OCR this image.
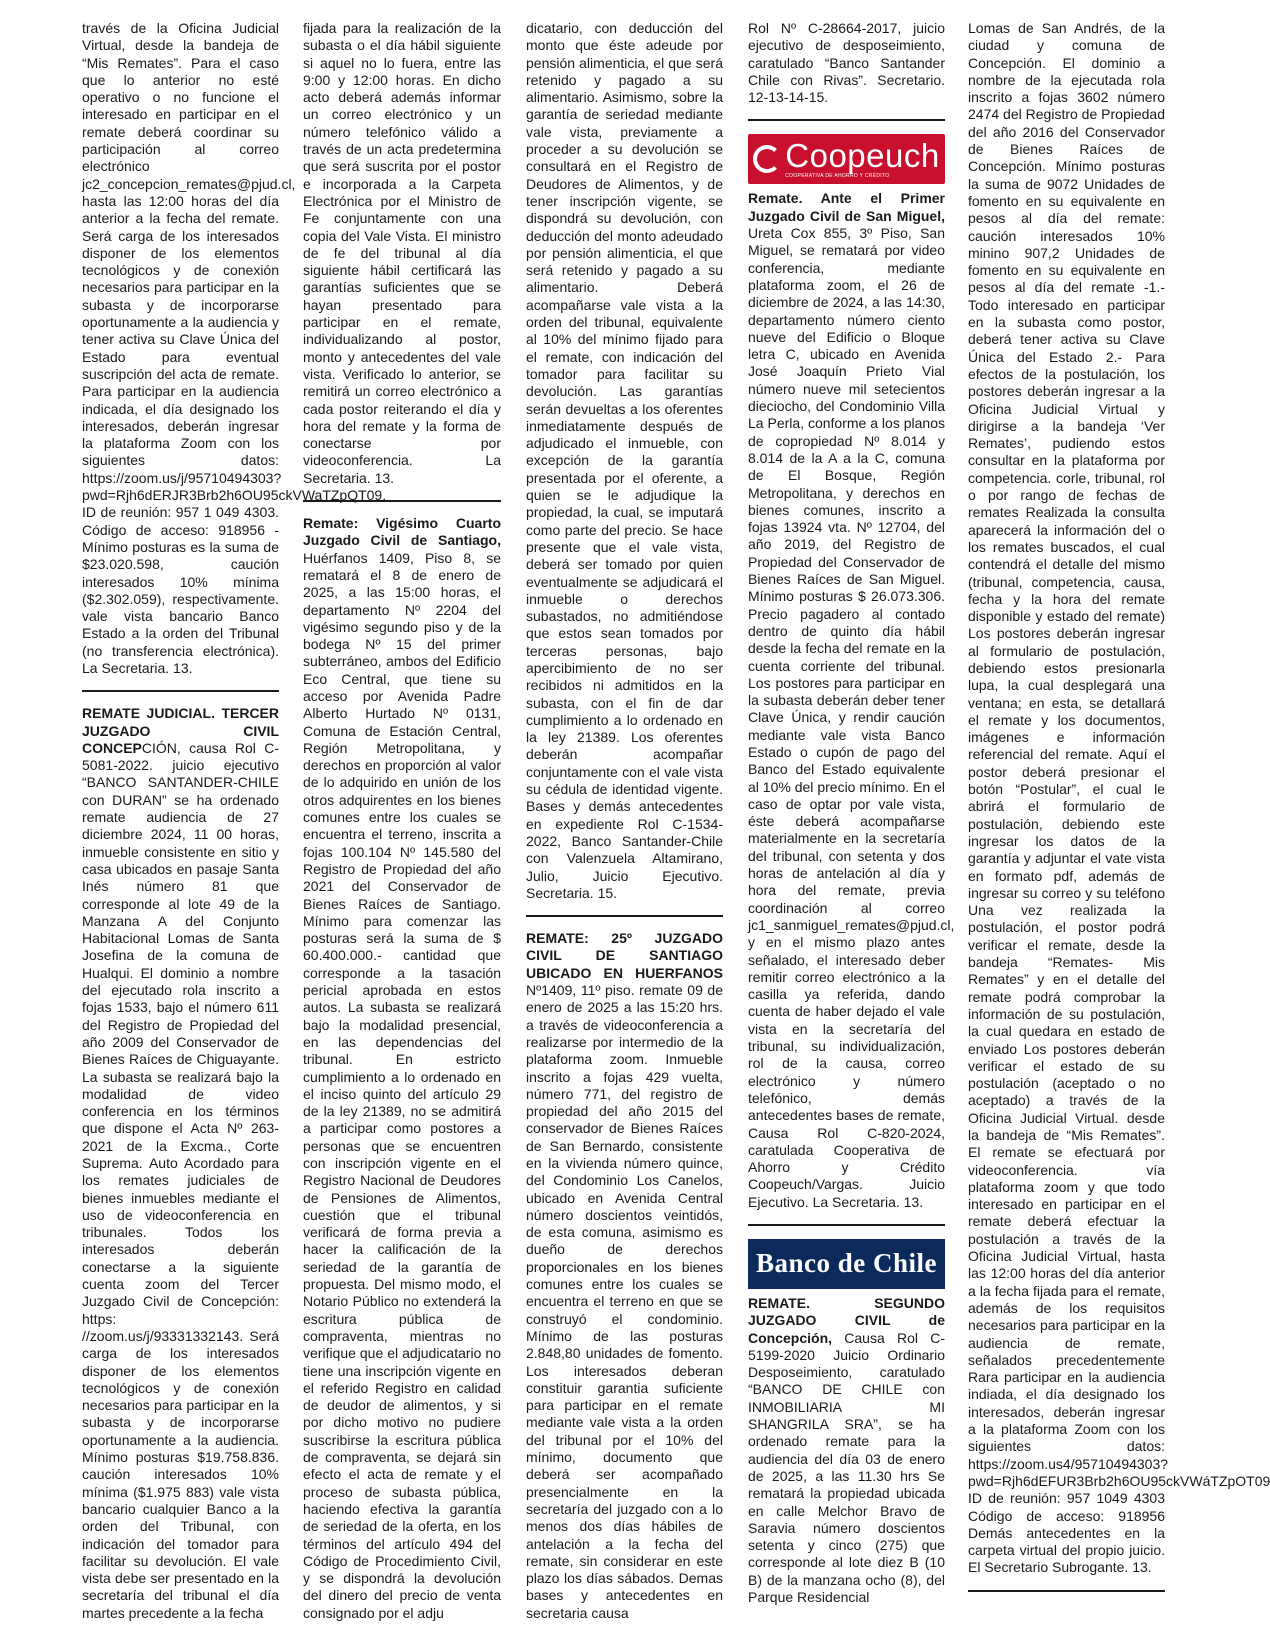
través de la Oficina Judicial Virtual, desde la bandeja de “Mis Remates”. Para el caso que lo anterior no esté operativo o no funcione el interesado en participar en el remate deberá coordinar su participación al correo electrónico jc2_concepcion_remates@pjud.cl, hasta las 12:00 horas del día anterior a la fecha del remate. Será carga de los interesados disponer de los elementos tecnológicos y de conexión necesarios para participar en la subasta y de incorporarse oportunamente a la audiencia y tener activa su Clave Única del Estado para eventual suscripción del acta de remate. Para participar en la audiencia indicada, el día designado los interesados, deberán ingresar la plataforma Zoom con los siguientes datos: https://zoom.us/j/95710494303?pwd=Rjh6dERJR3Brb2h6OU95ckVWaTZpQT09. ID de reunión: 957 1 049 4303. Código de acceso: 918956 -Mínimo posturas es la suma de $23.020.598, caución interesados 10% mínima ($2.302.059), respectivamente. vale vista bancario Banco Estado a la orden del Tribunal (no transferencia electrónica). La Secretaria. 13.

REMATE JUDICIAL. TERCER JUZGADO CIVIL CONCEPCIÓN, causa Rol C-5081-2022. juicio ejecutivo “BANCO SANTANDER-CHILE con DURAN” se ha ordenado remate audiencia de 27 diciembre 2024, 11 00 horas, inmueble consistente en sitio y casa ubicados en pasaje Santa Inés número 81 que corresponde al lote 49 de la Manzana A del Conjunto Habitacional Lomas de Santa Josefina de la comuna de Hualqui. El dominio a nombre del ejecutado rola inscrito a fojas 1533, bajo el número 611 del Registro de Propiedad del año 2009 del Conservador de Bienes Raíces de Chiguayante. La subasta se realizará bajo la modalidad de video conferencia en los términos que dispone el Acta Nº 263-2021 de la Excma., Corte Suprema. Auto Acordado para los remates judiciales de bienes inmuebles mediante el uso de videoconferencia en tribunales. Todos los interesados deberán conectarse a la siguiente cuenta zoom del Tercer Juzgado Civil de Concepción: https: //zoom.us/j/93331332143. Será carga de los interesados disponer de los elementos tecnológicos y de conexión necesarios para participar en la subasta y de incorporarse oportunamente a la audiencia. Mínimo posturas $19.758.836. caución interesados 10% mínima ($1.975 883) vale vista bancario cualquier Banco a la orden del Tribunal, con indicación del tomador para facilitar su devolución. El vale vista debe ser presentado en la secretaría del tribunal el día martes precedente a la fecha

fijada para la realización de la subasta o el día hábil siguiente si aquel no lo fuera, entre las 9:00 y 12:00 horas. En dicho acto deberá además informar un correo electrónico y un número telefónico válido a través de un acta predetermina que será suscrita por el postor e incorporada a la Carpeta Electrónica por el Ministro de Fe conjuntamente con una copia del Vale Vista. El ministro de fe del tribunal al día siguiente hábil certificará las garantías suficientes que se hayan presentado para participar en el remate, individualizando al postor, monto y antecedentes del vale vista. Verificado lo anterior, se remitirá un correo electrónico a cada postor reiterando el día y hora del remate y la forma de conectarse por videoconferencia. La Secretaria. 13.

Remate: Vigésimo Cuarto Juzgado Civil de Santiago, Huérfanos 1409, Piso 8, se rematará el 8 de enero de 2025, a las 15:00 horas, el departamento Nº 2204 del vigésimo segundo piso y de la bodega Nº 15 del primer subterráneo, ambos del Edificio Eco Central, que tiene su acceso por Avenida Padre Alberto Hurtado Nº 0131, Comuna de Estación Central, Región Metropolitana, y derechos en proporción al valor de lo adquirido en unión de los otros adquirentes en los bienes comunes entre los cuales se encuentra el terreno, inscrita a fojas 100.104 Nº 145.580 del Registro de Propiedad del año 2021 del Conservador de Bienes Raíces de Santiago. Mínimo para comenzar las posturas será la suma de $ 60.400.000.- cantidad que corresponde a la tasación pericial aprobada en estos autos. La subasta se realizará bajo la modalidad presencial, en las dependencias del tribunal. En estricto cumplimiento a lo ordenado en el inciso quinto del artículo 29 de la ley 21389, no se admitirá a participar como postores a personas que se encuentren con inscripción vigente en el Registro Nacional de Deudores de Pensiones de Alimentos, cuestión que el tribunal verificará de forma previa a hacer la calificación de la seriedad de la garantía de propuesta. Del mismo modo, el Notario Público no extenderá la escritura pública de compraventa, mientras no verifique que el adjudicatario no tiene una inscripción vigente en el referido Registro en calidad de deudor de alimentos, y si por dicho motivo no pudiere suscribirse la escritura pública de compraventa, se dejará sin efecto el acta de remate y el proceso de subasta pública, haciendo efectiva la garantía de seriedad de la oferta, en los términos del artículo 494 del Código de Procedimiento Civil, y se dispondrá la devolución del dinero del precio de venta consignado por el adju

dicatario, con deducción del monto que éste adeude por pensión alimenticia, el que será retenido y pagado a su alimentario. Asimismo, sobre la garantía de seriedad mediante vale vista, previamente a proceder a su devolución se consultará en el Registro de Deudores de Alimentos, y de tener inscripción vigente, se dispondrá su devolución, con deducción del monto adeudado por pensión alimenticia, el que será retenido y pagado a su alimentario. Deberá acompañarse vale vista a la orden del tribunal, equivalente al 10% del mínimo fijado para el remate, con indicación del tomador para facilitar su devolución. Las garantías serán devueltas a los oferentes inmediatamente después de adjudicado el inmueble, con excepción de la garantía presentada por el oferente, a quien se le adjudique la propiedad, la cual, se imputará como parte del precio. Se hace presente que el vale vista, deberá ser tomado por quien eventualmente se adjudicará el inmueble o derechos subastados, no admitiéndose que estos sean tomados por terceras personas, bajo apercibimiento de no ser recibidos ni admitidos en la subasta, con el fin de dar cumplimiento a lo ordenado en la ley 21389. Los oferentes deberán acompañar conjuntamente con el vale vista su cédula de identidad vigente. Bases y demás antecedentes en expediente Rol C-1534-2022, Banco Santander-Chile con Valenzuela Altamirano, Julio, Juicio Ejecutivo. Secretaria. 15.

REMATE: 25º JUZGADO CIVIL DE SANTIAGO UBICADO EN HUERFANOS Nº1409, 11º piso. remate 09 de enero de 2025 a las 15:20 hrs. a través de videoconferencia a realizarse por intermedio de la plataforma zoom. Inmueble inscrito a fojas 429 vuelta, número 771, del registro de propiedad del año 2015 del conservador de Bienes Raíces de San Bernardo, consistente en la vivienda número quince, del Condominio Los Canelos, ubicado en Avenida Central número doscientos veintidós, de esta comuna, asimismo es dueño de derechos proporcionales en los bienes comunes entre los cuales se encuentra el terreno en que se construyó el condominio. Mínimo de las posturas 2.848,80 unidades de fomento. Los interesados deberan constituir garantia suficiente para participar en el remate mediante vale vista a la orden del tribunal por el 10% del mínimo, documento que deberá ser acompañado presencialmente en la secretaría del juzgado con a lo menos dos días hábiles de antelación a la fecha del remate, sin considerar en este plazo los días sábados. Demas bases y antecedentes en secretaria causa

Rol Nº C-28664-2017, juicio ejecutivo de desposeimiento, caratulado “Banco Santander Chile con Rivas”. Secretario. 12-13-14-15.

Coopeuch
COOPERATIVA DE AHORRO Y CRÉDITO

Remate. Ante el Primer Juzgado Civil de San Miguel, Ureta Cox 855, 3º Piso, San Miguel, se rematará por video conferencia, mediante plataforma zoom, el 26 de diciembre de 2024, a las 14:30, departamento número ciento nueve del Edificio o Bloque letra C, ubicado en Avenida José Joaquín Prieto Vial número nueve mil setecientos dieciocho, del Condominio Villa La Perla, conforme a los planos de copropiedad Nº 8.014 y 8.014 de la A a la C, comuna de El Bosque, Región Metropolitana, y derechos en bienes comunes, inscrito a fojas 13924 vta. Nº 12704, del año 2019, del Registro de Propiedad del Conservador de Bienes Raíces de San Miguel. Mínimo posturas $ 26.073.306. Precio pagadero al contado dentro de quinto día hábil desde la fecha del remate en la cuenta corriente del tribunal. Los postores para participar en la subasta deberán deber tener Clave Única, y rendir caución mediante vale vista Banco Estado o cupón de pago del Banco del Estado equivalente al 10% del precio mínimo. En el caso de optar por vale vista, éste deberá acompañarse materialmente en la secretaría del tribunal, con setenta y dos horas de antelación al día y hora del remate, previa coordinación al correo jc1_sanmiguel_remates@pjud.cl, y en el mismo plazo antes señalado, el interesado deber remitir correo electrónico a la casilla ya referida, dando cuenta de haber dejado el vale vista en la secretaría del tribunal, su individualización, rol de la causa, correo electrónico y número telefónico, demás antecedentes bases de remate, Causa Rol C-820-2024, caratulada Cooperativa de Ahorro y Crédito Coopeuch/Vargas. Juicio Ejecutivo. La Secretaria. 13.

Banco de Chile

REMATE. SEGUNDO JUZGADO CIVIL de Concepción, Causa Rol C-5199-2020 Juicio Ordinario Desposeimiento, caratulado “BANCO DE CHILE con INMOBILIARIA MI SHANGRILA SRA”, se ha ordenado remate para la audiencia del día 03 de enero de 2025, a las 11.30 hrs Se rematará la propiedad ubicada en calle Melchor Bravo de Saravia número doscientos setenta y cinco (275) que corresponde al lote diez B (10 B) de la manzana ocho (8), del Parque Residencial

Lomas de San Andrés, de la ciudad y comuna de Concepción. El dominio a nombre de la ejecutada rola inscrito a fojas 3602 número 2474 del Registro de Propiedad del año 2016 del Conservador de Bienes Raíces de Concepción. Mínimo posturas la suma de 9072 Unidades de fomento en su equivalente en pesos al día del remate: caución interesados 10% minino 907,2 Unidades de fomento en su equivalente en pesos al día del remate -1.- Todo interesado en participar en la subasta como postor, deberá tener activa su Clave Única del Estado 2.- Para efectos de la postulación, los postores deberán ingresar a la Oficina Judicial Virtual y dirigirse a la bandeja ‘Ver Remates’, pudiendo estos consultar en la plataforma por competencia. corle, tribunal, rol o por rango de fechas de remates Realizada la consulta aparecerá la información del o los remates buscados, el cual contendrá el detalle del mismo (tribunal, competencia, causa, fecha y la hora del remate disponible y estado del remate) Los postores deberán ingresar al formulario de postulación, debiendo estos presionarla lupa, la cual desplegará una ventana; en esta, se detallará el remate y los documentos, imágenes e información referencial del remate. Aquí el postor deberá presionar el botón “Postular”, el cual le abrirá el formulario de postulación, debiendo este ingresar los datos de la garantía y adjuntar el vate vista en formato pdf, además de ingresar su correo y su teléfono Una vez realizada la postulación, el postor podrá verificar el remate, desde la bandeja “Remates- Mis Remates” y en el detalle del remate podrá comprobar la información de su postulación, la cual quedara en estado de enviado Los postores deberán verificar el estado de su postulación (aceptado o no aceptado) a través de la Oficina Judicial Virtual. desde la bandeja de “Mis Remates”. El remate se efectuará por videoconferencia. vía plataforma zoom y que todo interesado en participar en el remate deberá efectuar la postulación a través de la Oficina Judicial Virtual, hasta las 12:00 horas del día anterior a la fecha fijada para el remate, además de los requisitos necesarios para participar en la audiencia de remate, señalados precedentemente Rara participar en la audiencia indiada, el día designado los interesados, deberán ingresar a la plataforma Zoom con los siguientes datos: https://zoom.us4/95710494303?pwd=Rjh6dEFUR3Brb2h6OU95ckVWáTZpOT09 ID de reunión: 957 1049 4303 Código de acceso: 918956 Demás antecedentes en la carpeta virtual del propio juicio. El Secretario Subrogante. 13.
